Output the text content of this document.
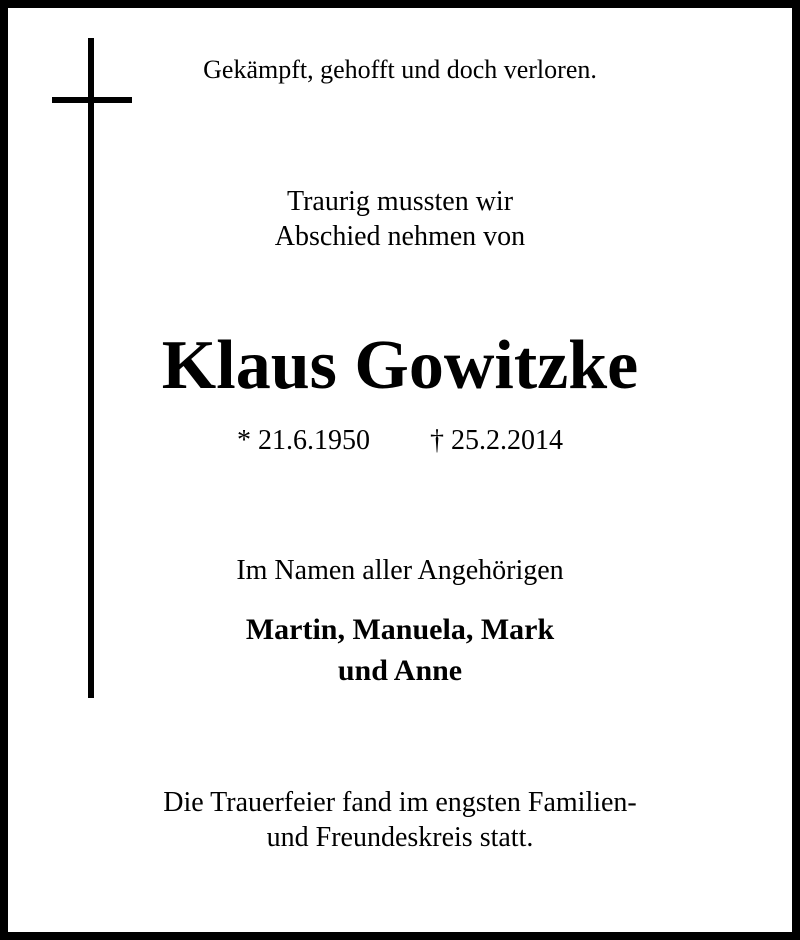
Gekämpft, gehofft und doch verloren.
Traurig mussten wir
Abschied nehmen von
Klaus Gowitzke
* 21.6.1950 † 25.2.2014
Im Namen aller Angehörigen
Martin, Manuela, Mark
und Anne
Die Trauerfeier fand im engsten Familien-
und Freundeskreis statt.
